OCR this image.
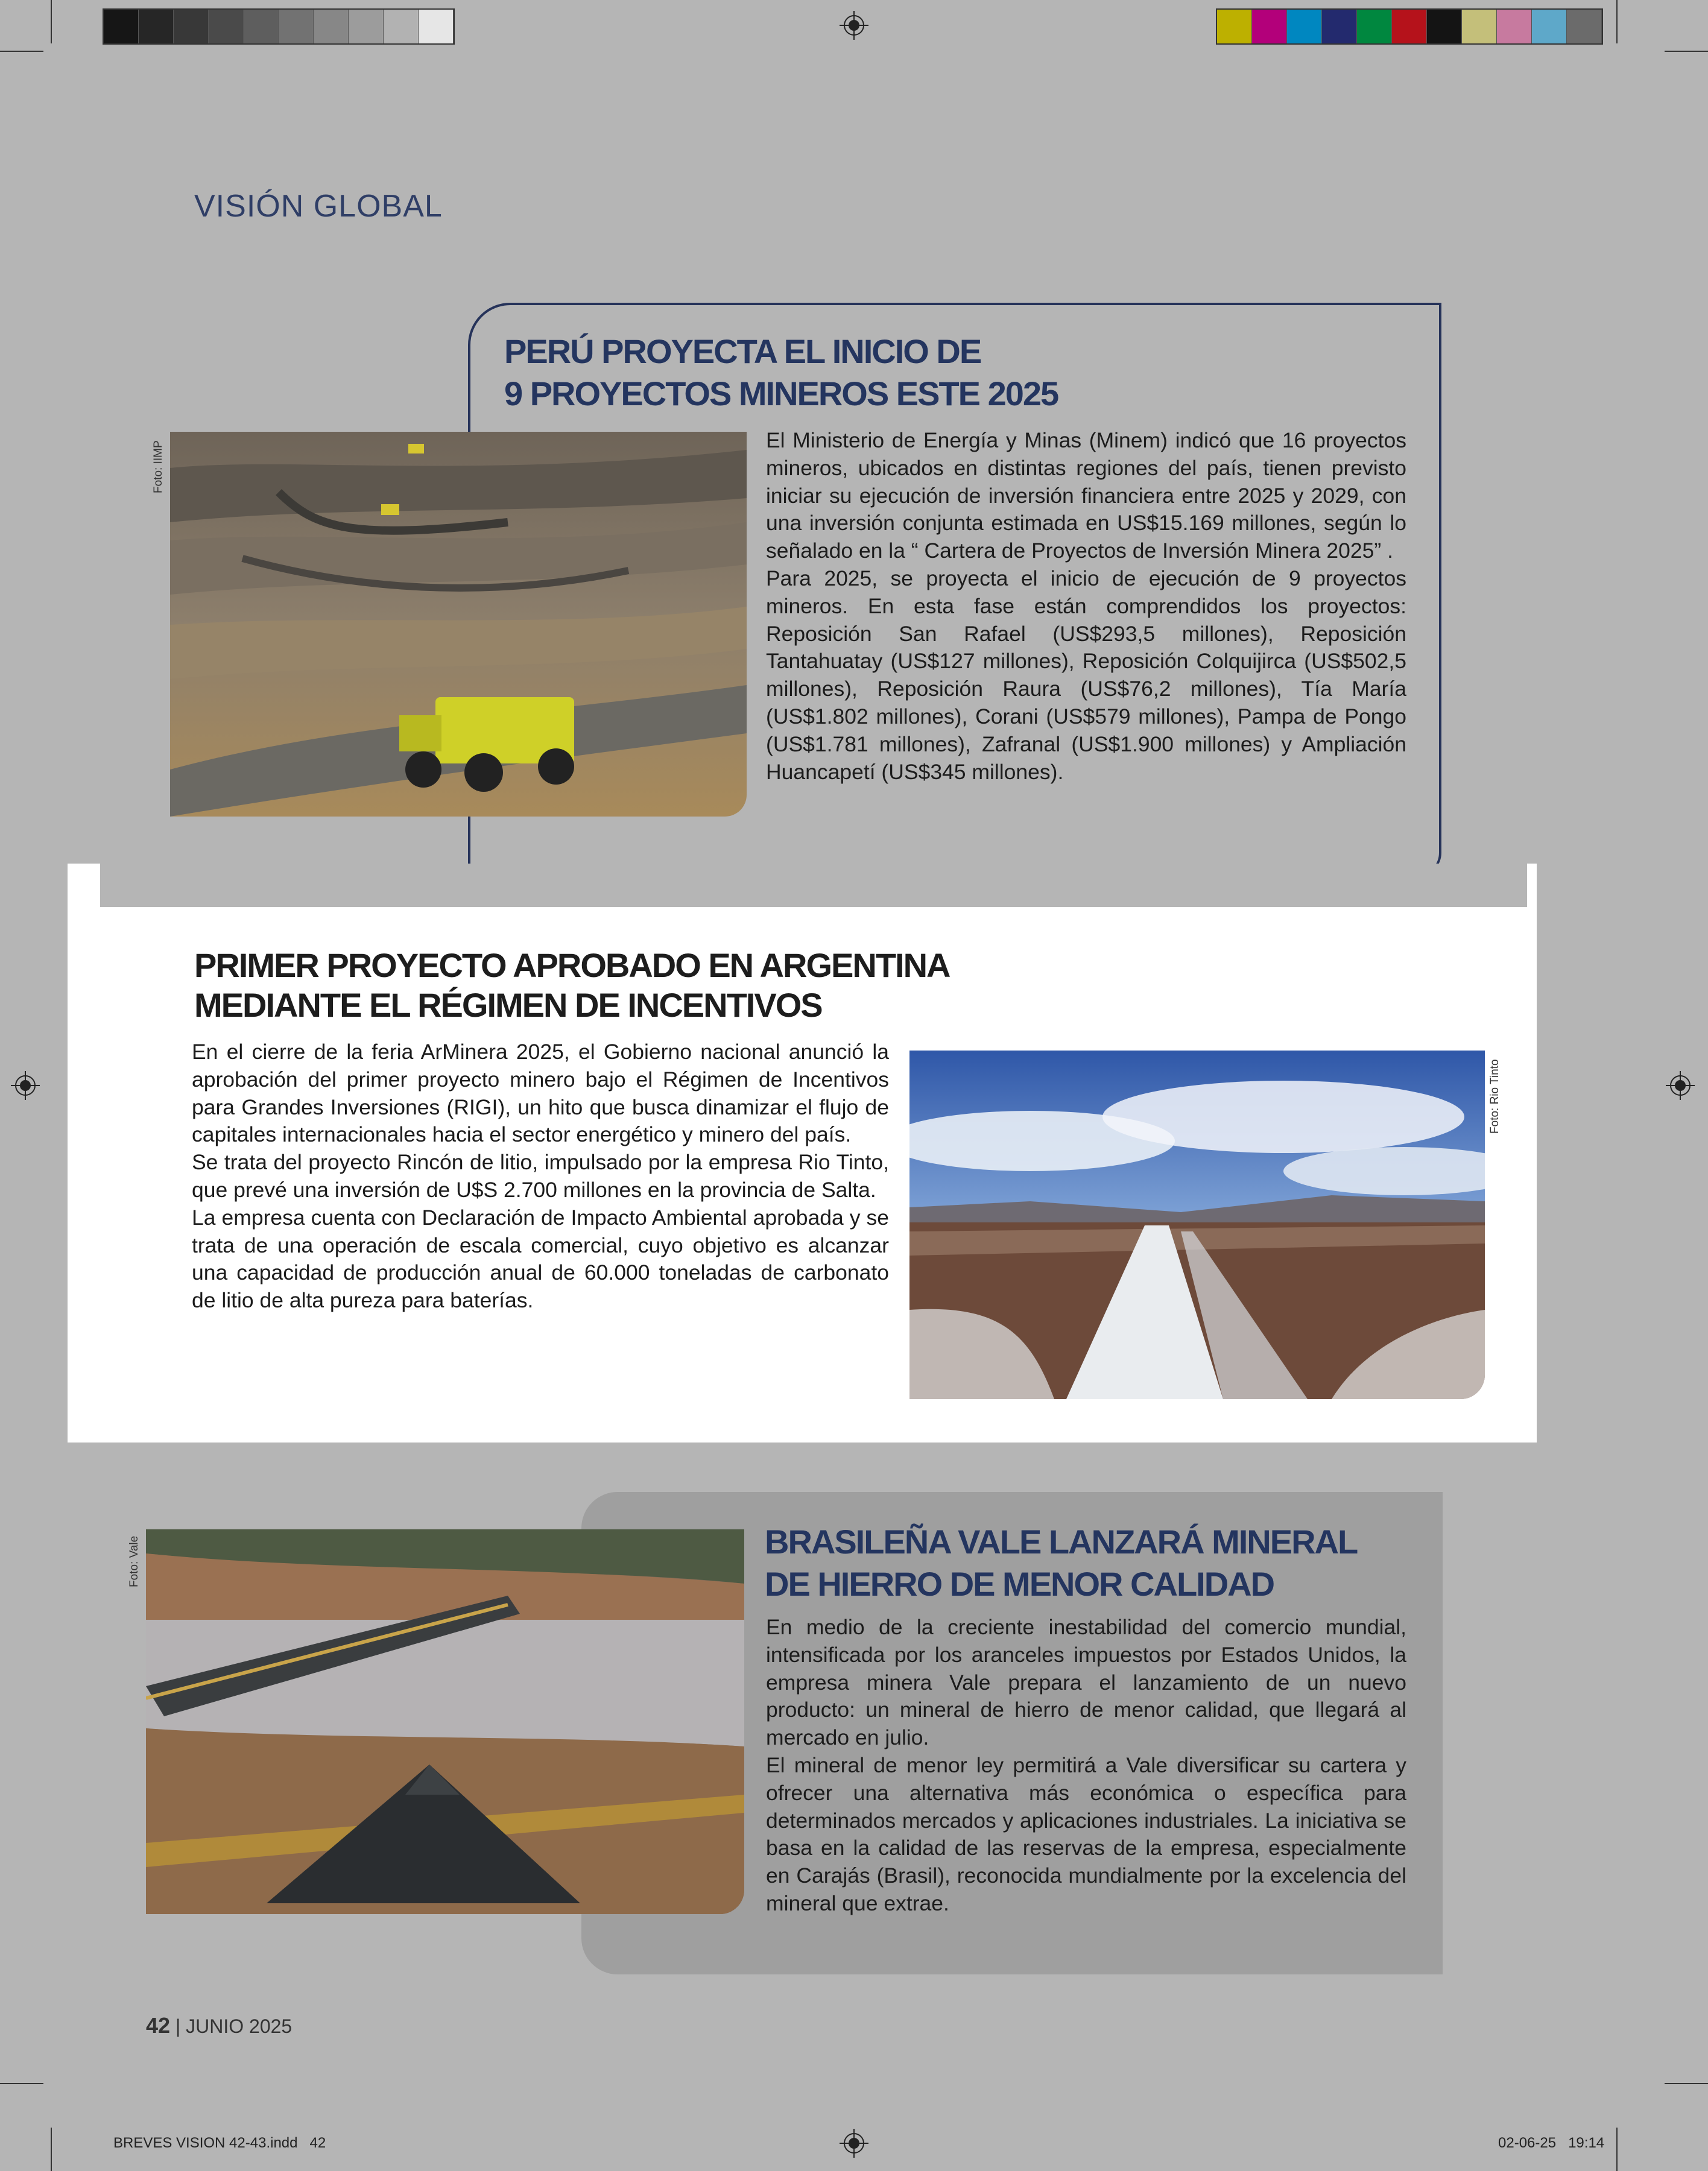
VISIÓN GLOBAL
PERÚ PROYECTA EL INICIO DE
9 PROYECTOS MINEROS ESTE 2025
Foto: IIMP

El Ministerio de Energía y Minas (Minem) indicó que 16 proyectos mineros, ubicados en distintas regiones del país, tienen previsto iniciar su ejecución de inversión financiera entre 2025 y 2029, con una inversión conjunta estimada en US$15.169 millones, según lo señalado en la “ Cartera de Proyectos de Inversión Minera 2025” .

Para 2025, se proyecta el inicio de ejecución de 9 proyectos mineros. En esta fase están comprendidos los proyectos: Reposición San Rafael (US$293,5 millones), Reposición Tantahuatay (US$127 millones), Reposición Colquijirca (US$502,5 millones), Reposición Raura (US$76,2 millones), Tía María (US$1.802 millones), Corani (US$579 millones), Pampa de Pongo (US$1.781 millones), Zafranal (US$1.900 millones) y Ampliación Huancapetí (US$345 millones).

PRIMER PROYECTO APROBADO EN ARGENTINA
MEDIANTE EL RÉGIMEN DE INCENTIVOS

En el cierre de la feria ArMinera 2025, el Gobierno nacional anunció la aprobación del primer proyecto minero bajo el Régimen de Incentivos para Grandes Inversiones (RIGI), un hito que busca dinamizar el flujo de capitales internacionales hacia el sector energético y minero del país.

Se trata del proyecto Rincón de litio, impulsado por la empresa Rio Tinto, que prevé una inversión de U$S 2.700 millones en la provincia de Salta.

La empresa cuenta con Declaración de Impacto Ambiental aprobada y se trata de una operación de escala comercial, cuyo objetivo es alcanzar una capacidad de producción anual de 60.000 toneladas de carbonato de litio de alta pureza para baterías.

Foto: Rio Tinto
Foto: Vale	BRASILEÑA VALE LANZARÁ MINERAL
DE HIERRO DE MENOR CALIDAD

En medio de la creciente inestabilidad del comercio mundial, intensificada por los aranceles impuestos por Estados Unidos, la empresa minera Vale prepara el lanzamiento de un nuevo producto: un mineral de hierro de menor calidad, que llegará al mercado en julio.

El mineral de menor ley permitirá a Vale diversificar su cartera y ofrecer una alternativa más económica o específica para determinados mercados y aplicaciones industriales. La iniciativa se basa en la calidad de las reservas de la empresa, especialmente en Carajás (Brasil), reconocida mundialmente por la excelencia del mineral que extrae.

42 | JUNIO 2025
BREVES VISION 42-43.indd   42	02-06-25   19:14
